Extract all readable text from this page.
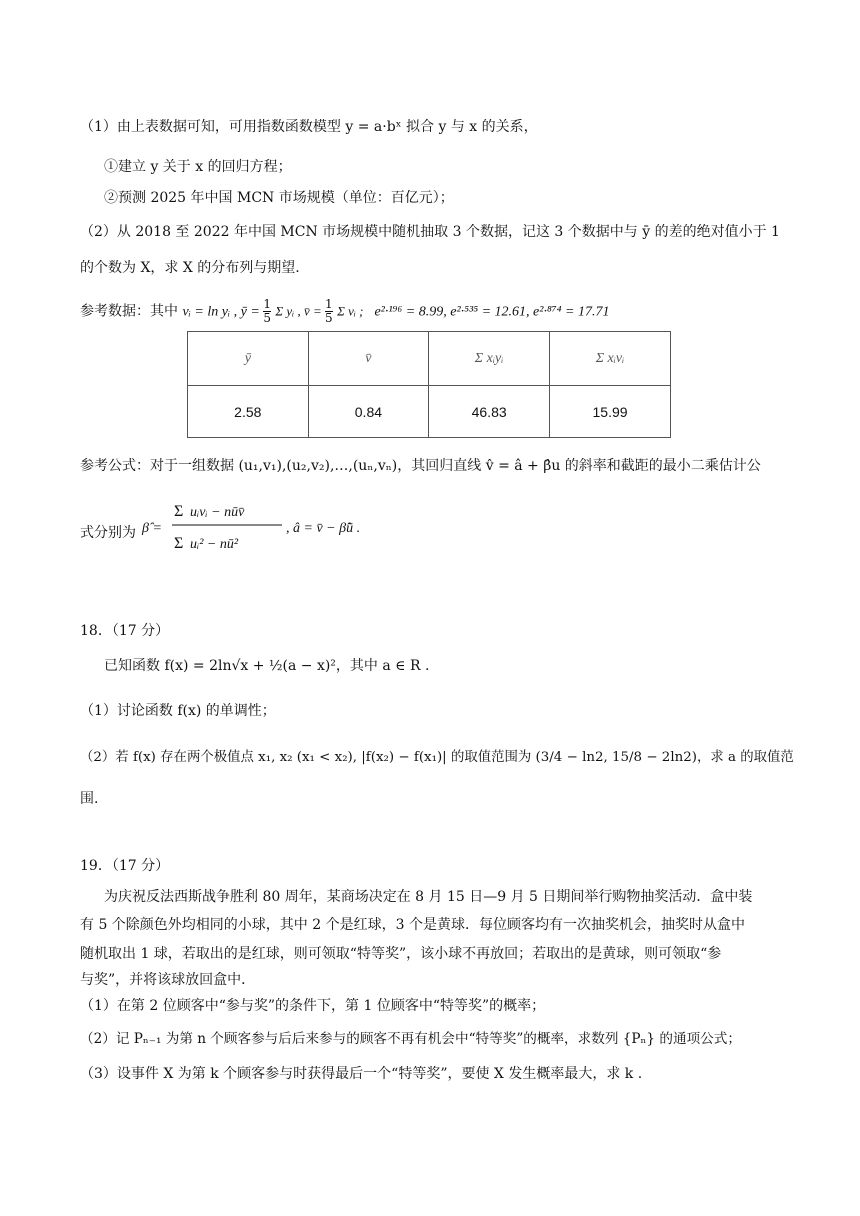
（1）由上表数据可知，可用指数函数模型 y = a·bˣ 拟合 y 与 x 的关系，
①建立 y 关于 x 的回归方程；
②预测 2025 年中国 MCN 市场规模（单位：百亿元）；
（2）从 2018 至 2022 年中国 MCN 市场规模中随机抽取 3 个数据，记这 3 个数据中与 ȳ 的差的绝对值小于 1
的个数为 X，求 X 的分布列与期望.
参考数据：其中 vᵢ = ln yᵢ , ȳ = $\frac{1}{5}$ Σ yᵢ , v̄ = $\frac{1}{5}$ Σ vᵢ ;   e²·¹⁹⁶ = 8.99, e²·⁵³⁵ = 12.61, e²·⁸⁷⁴ = 17.71
ȳ	v̄	Σ xᵢyᵢ	Σ xᵢvᵢ
2.58	0.84	46.83	15.99
参考公式：对于一组数据 (u₁,v₁),(u₂,v₂),…,(uₙ,vₙ)，其回归直线 v̂ = â + β̂u 的斜率和截距的最小二乘估计公
式分别为 β̂ =
Σ uᵢvᵢ − nūv̄
Σ uᵢ² − nū²
, â = v̄ − β̂ū .
18．（17 分）
已知函数 f(x) = 2ln√x + ½(a − x)²，其中 a ∈ R .
（1）讨论函数 f(x) 的单调性；
（2）若 f(x) 存在两个极值点 x₁, x₂ (x₁ < x₂), |f(x₂) − f(x₁)| 的取值范围为 (3/4 − ln2, 15/8 − 2ln2)，求 a 的取值范
围.
19．（17 分）
为庆祝反法西斯战争胜利 80 周年，某商场决定在 8 月 15 日—9 月 5 日期间举行购物抽奖活动．盒中装
有 5 个除颜色外均相同的小球，其中 2 个是红球，3 个是黄球．每位顾客均有一次抽奖机会，抽奖时从盒中
随机取出 1 球，若取出的是红球，则可领取“特等奖”，该小球不再放回；若取出的是黄球，则可领取“参
与奖”，并将该球放回盒中．
（1）在第 2 位顾客中“参与奖”的条件下，第 1 位顾客中“特等奖”的概率；
（2）记 Pₙ₋₁ 为第 n 个顾客参与后后来参与的顾客不再有机会中“特等奖”的概率，求数列 {Pₙ} 的通项公式；
（3）设事件 X 为第 k 个顾客参与时获得最后一个“特等奖”，要使 X 发生概率最大，求 k .
